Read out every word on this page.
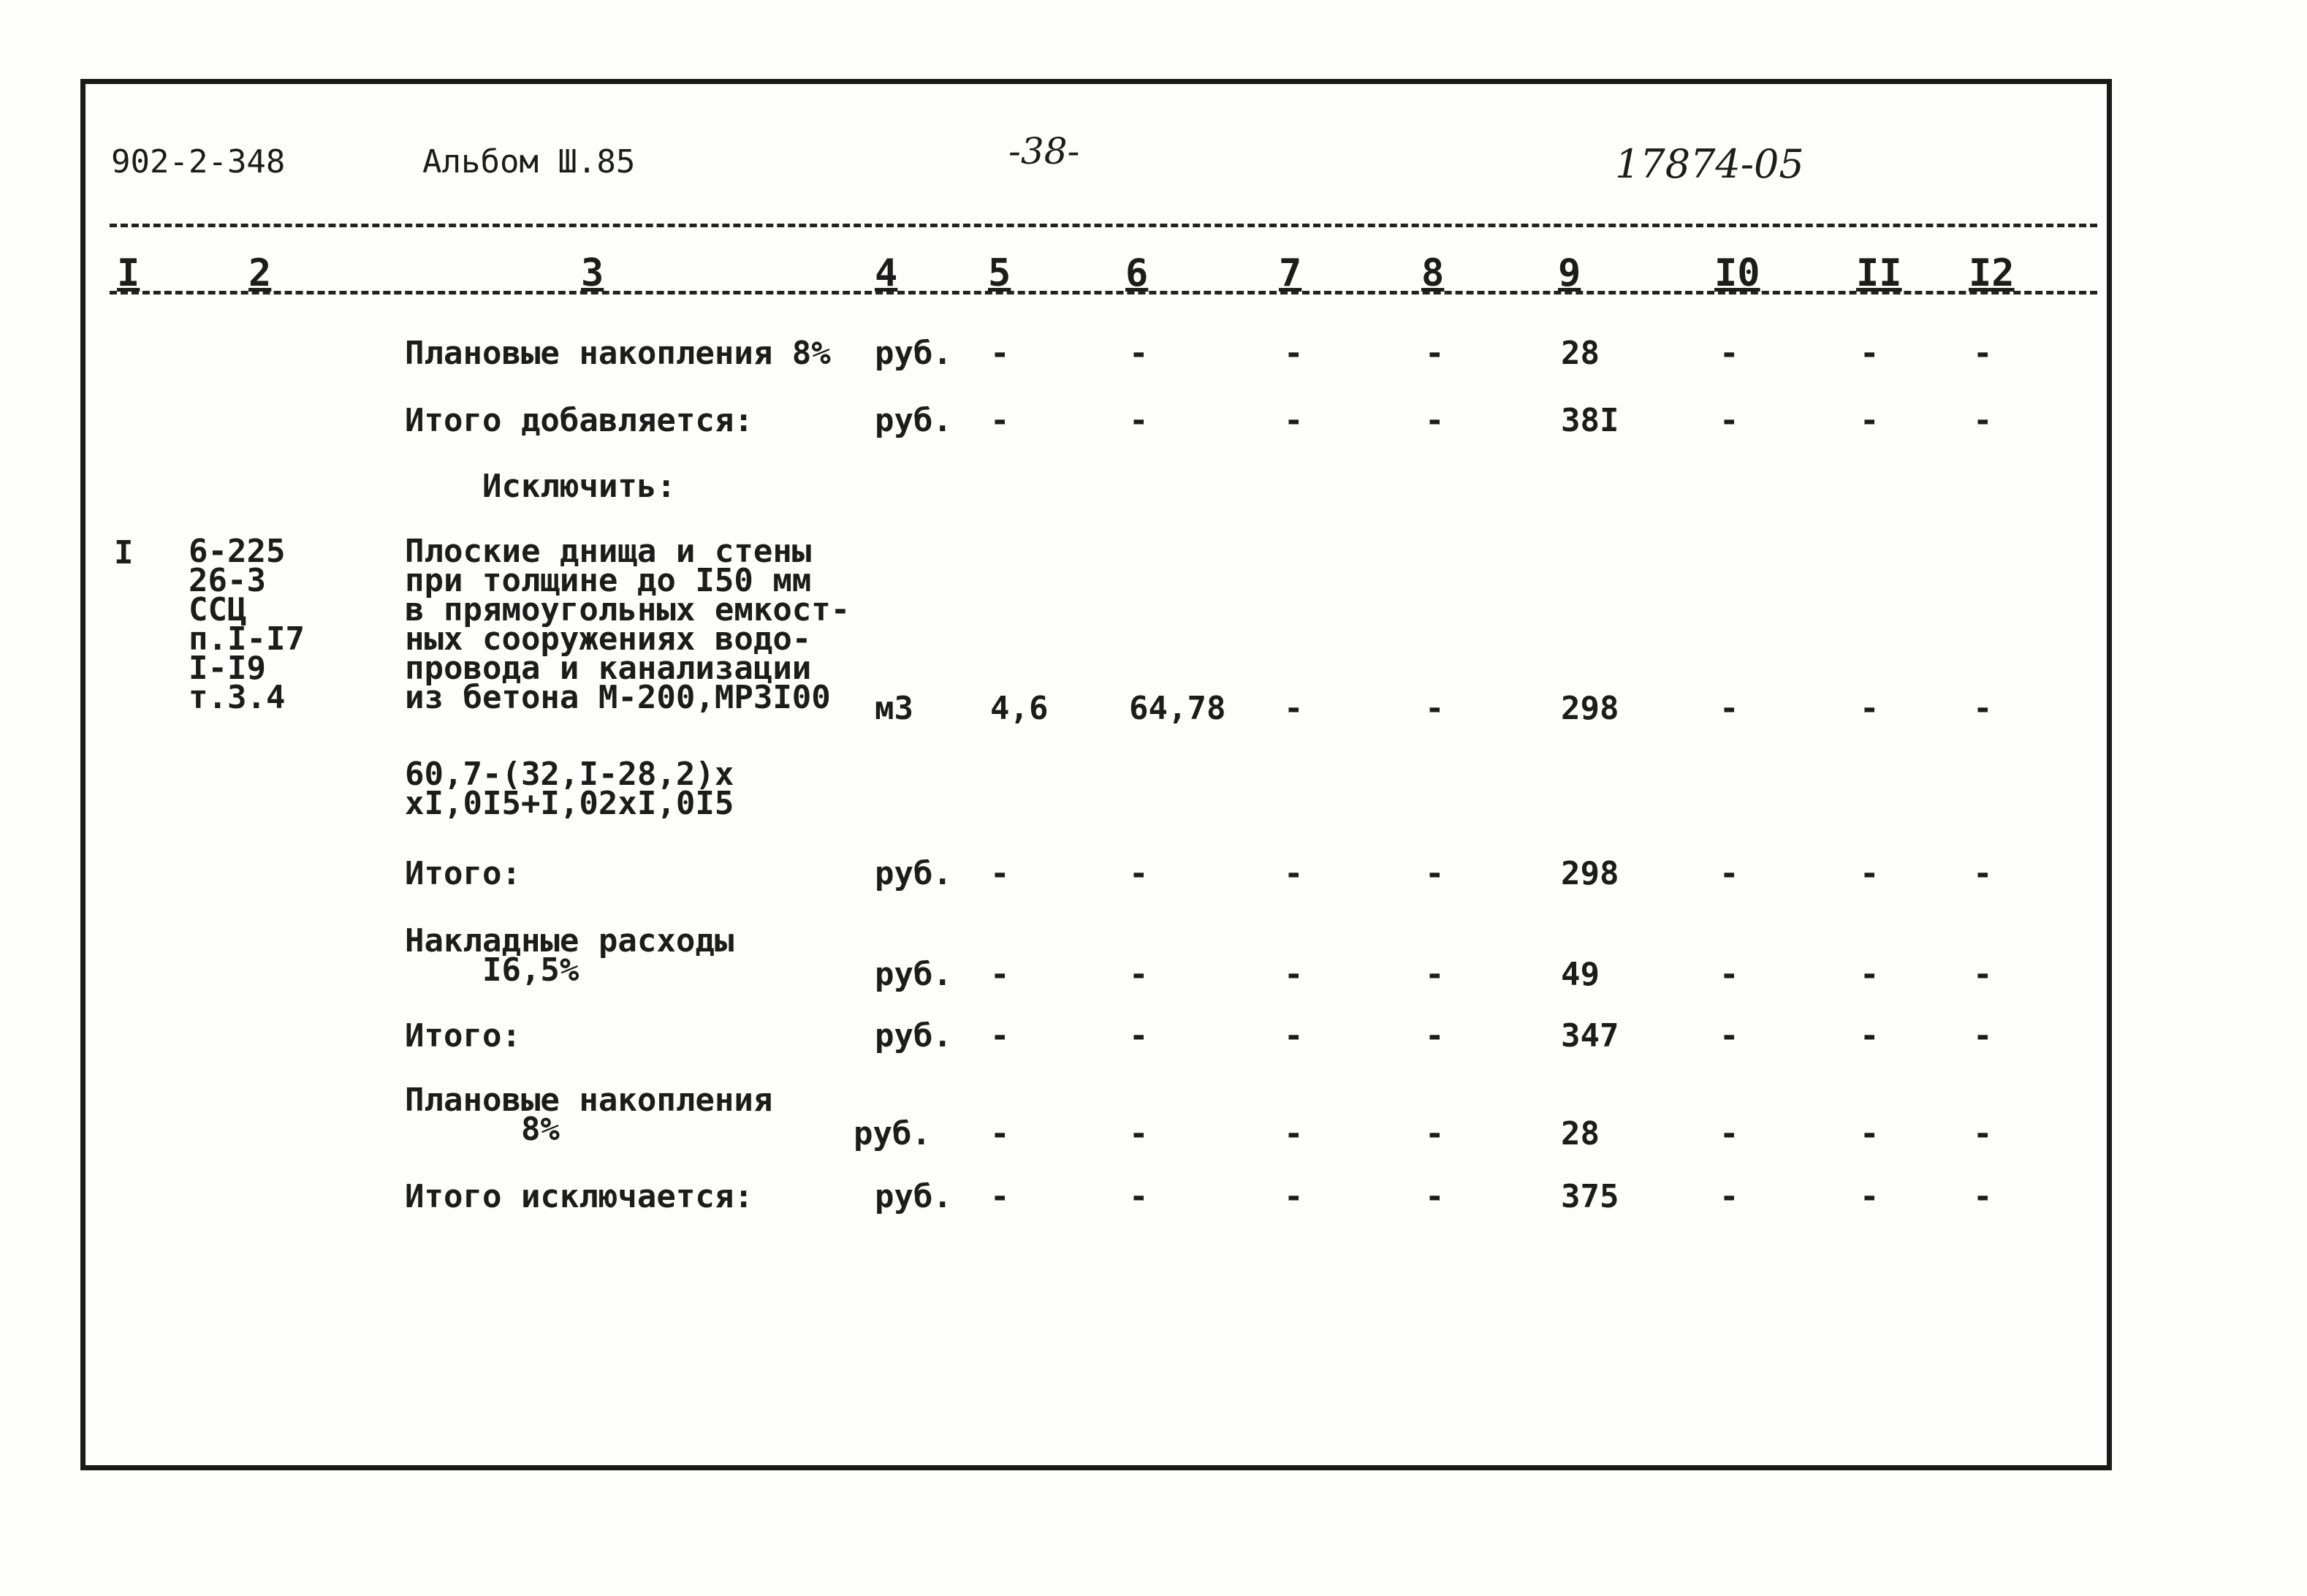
902-2-348	Альбом Ш.85	-38-	17874-05
I	2	3	4 5	6	7	8	9	I0	II I2
Плановые накопления 8% руб. -	-	-	-	28	-	-	-
Итого добавляется:	руб. -	-	-	-	38I	-	-	-
Исключить:
I 6-225
26-3
ССЦ
п.I-I7
I-I9
т.3.4
Плоские днища и стены
при толщине до I50 мм
в прямоугольных емкост-
ных сооружениях водо-
провода и канализации
из бетона М-200,МРЗI00	м3 4,6	64,78 -	-	298	-	-	-
60,7-(32,I-28,2)х
хI,0I5+I,02хI,0I5
Итого:	руб. -	-	-	-	298	-	-	-
Накладные расходы
I6,5%	руб. -	-	-	-	49	-	-	-
Итого:	руб. -	-	-	-	347	-	-	-
Плановые накопления
8%	руб. -	-	-	-	28	-	-	-
Итого исключается:	руб. -	-	-	-	375	-	-	-
